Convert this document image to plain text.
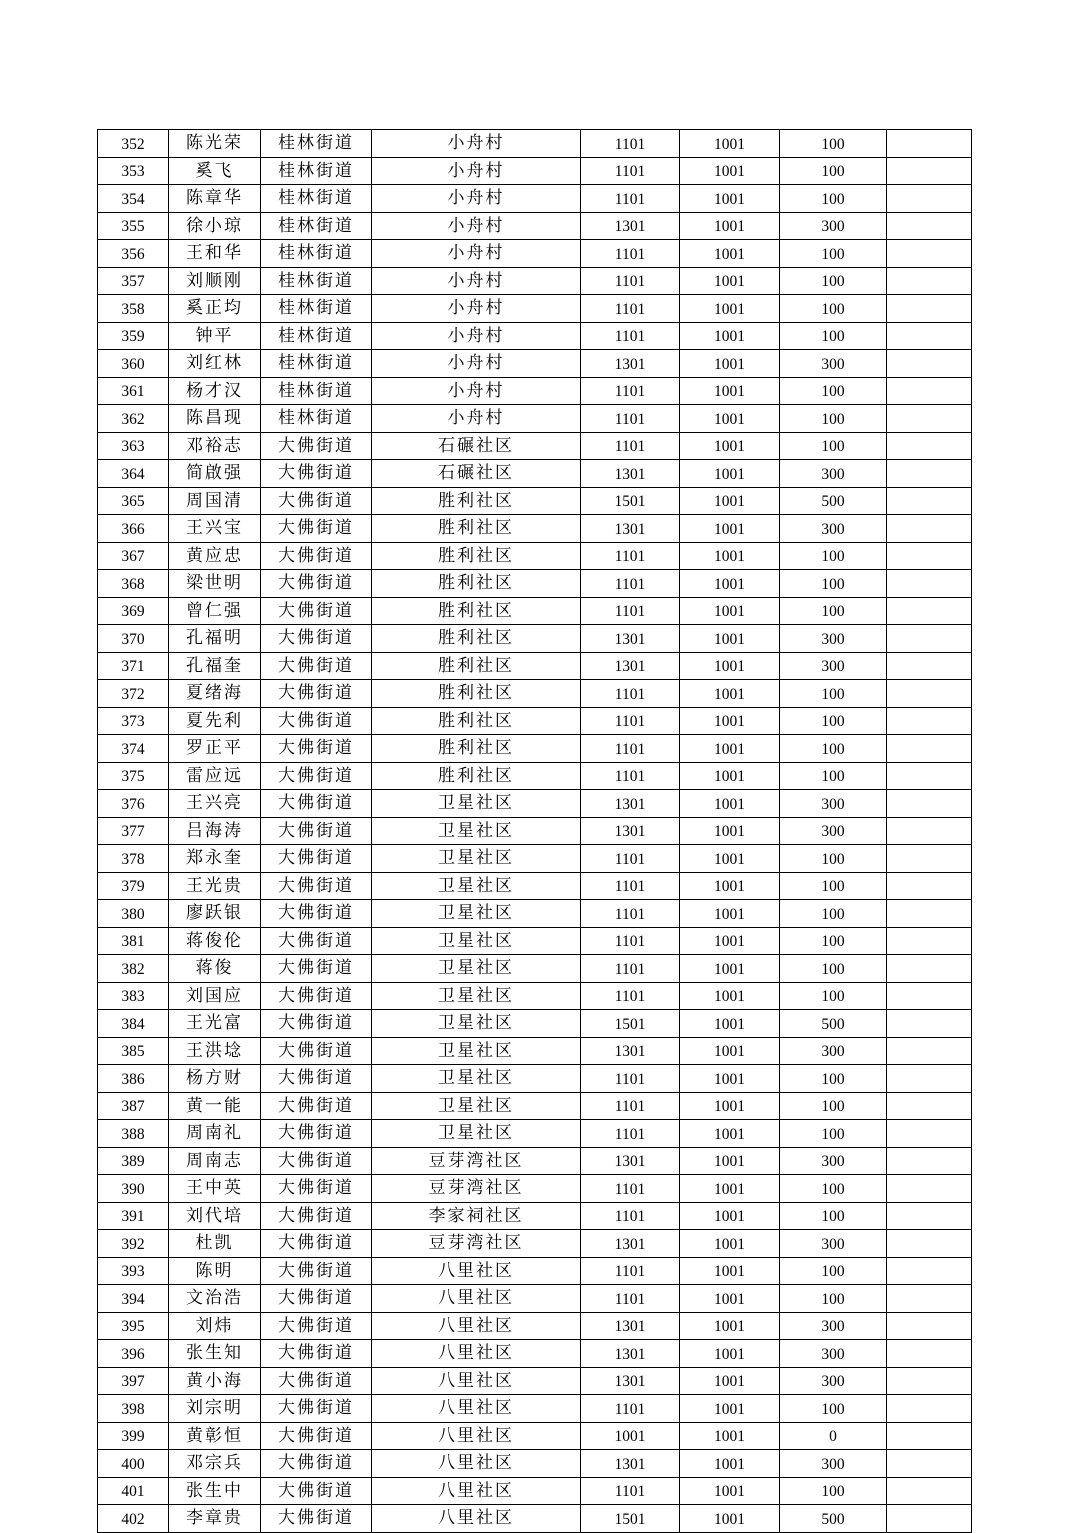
352	陈光荣	桂林街道	小舟村	1101	1001	100	
353	奚飞	桂林街道	小舟村	1101	1001	100	
354	陈章华	桂林街道	小舟村	1101	1001	100	
355	徐小琼	桂林街道	小舟村	1301	1001	300	
356	王和华	桂林街道	小舟村	1101	1001	100	
357	刘顺刚	桂林街道	小舟村	1101	1001	100	
358	奚正均	桂林街道	小舟村	1101	1001	100	
359	钟平	桂林街道	小舟村	1101	1001	100	
360	刘红林	桂林街道	小舟村	1301	1001	300	
361	杨才汉	桂林街道	小舟村	1101	1001	100	
362	陈昌现	桂林街道	小舟村	1101	1001	100	
363	邓裕志	大佛街道	石碾社区	1101	1001	100	
364	简啟强	大佛街道	石碾社区	1301	1001	300	
365	周国清	大佛街道	胜利社区	1501	1001	500	
366	王兴宝	大佛街道	胜利社区	1301	1001	300	
367	黄应忠	大佛街道	胜利社区	1101	1001	100	
368	梁世明	大佛街道	胜利社区	1101	1001	100	
369	曾仁强	大佛街道	胜利社区	1101	1001	100	
370	孔福明	大佛街道	胜利社区	1301	1001	300	
371	孔福奎	大佛街道	胜利社区	1301	1001	300	
372	夏绪海	大佛街道	胜利社区	1101	1001	100	
373	夏先利	大佛街道	胜利社区	1101	1001	100	
374	罗正平	大佛街道	胜利社区	1101	1001	100	
375	雷应远	大佛街道	胜利社区	1101	1001	100	
376	王兴亮	大佛街道	卫星社区	1301	1001	300	
377	吕海涛	大佛街道	卫星社区	1301	1001	300	
378	郑永奎	大佛街道	卫星社区	1101	1001	100	
379	王光贵	大佛街道	卫星社区	1101	1001	100	
380	廖跃银	大佛街道	卫星社区	1101	1001	100	
381	蒋俊伦	大佛街道	卫星社区	1101	1001	100	
382	蒋俊	大佛街道	卫星社区	1101	1001	100	
383	刘国应	大佛街道	卫星社区	1101	1001	100	
384	王光富	大佛街道	卫星社区	1501	1001	500	
385	王洪埝	大佛街道	卫星社区	1301	1001	300	
386	杨方财	大佛街道	卫星社区	1101	1001	100	
387	黄一能	大佛街道	卫星社区	1101	1001	100	
388	周南礼	大佛街道	卫星社区	1101	1001	100	
389	周南志	大佛街道	豆芽湾社区	1301	1001	300	
390	王中英	大佛街道	豆芽湾社区	1101	1001	100	
391	刘代培	大佛街道	李家祠社区	1101	1001	100	
392	杜凯	大佛街道	豆芽湾社区	1301	1001	300	
393	陈明	大佛街道	八里社区	1101	1001	100	
394	文治浩	大佛街道	八里社区	1101	1001	100	
395	刘炜	大佛街道	八里社区	1301	1001	300	
396	张生知	大佛街道	八里社区	1301	1001	300	
397	黄小海	大佛街道	八里社区	1301	1001	300	
398	刘宗明	大佛街道	八里社区	1101	1001	100	
399	黄彰恒	大佛街道	八里社区	1001	1001	0	
400	邓宗兵	大佛街道	八里社区	1301	1001	300	
401	张生中	大佛街道	八里社区	1101	1001	100	
402	李章贵	大佛街道	八里社区	1501	1001	500	
